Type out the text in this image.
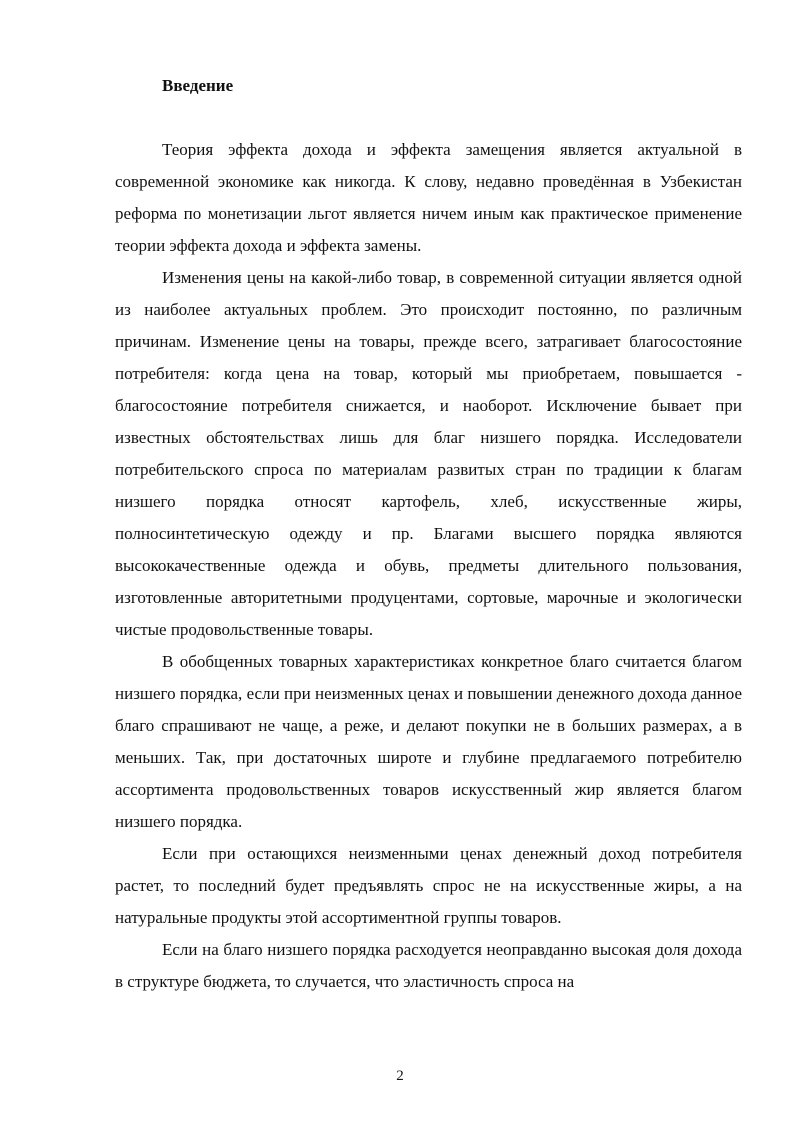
Введение

Теория эффекта дохода и эффекта замещения является актуальной в современной экономике как никогда. К слову, недавно проведённая в Узбекистан реформа по монетизации льгот является ничем иным как практическое применение теории эффекта дохода и эффекта замены.

Изменения цены на какой-либо товар, в современной ситуации является одной из наиболее актуальных проблем. Это происходит постоянно, по различным причинам. Изменение цены на товары, прежде всего, затрагивает благосостояние потребителя: когда цена на товар, который мы приобретаем, повышается - благосостояние потребителя снижается, и наоборот. Исключение бывает при известных обстоятельствах лишь для благ низшего порядка. Исследователи потребительского спроса по материалам развитых стран по традиции к благам низшего порядка относят картофель, хлеб, искусственные жиры, полносинтетическую одежду и пр. Благами высшего порядка являются высококачественные одежда и обувь, предметы длительного пользования, изготовленные авторитетными продуцентами, сортовые, марочные и экологически чистые продовольственные товары.

В обобщенных товарных характеристиках конкретное благо считается благом низшего порядка, если при неизменных ценах и повышении денежного дохода данное благо спрашивают не чаще, а реже, и делают покупки не в больших размерах, а в меньших. Так, при достаточных широте и глубине предлагаемого потребителю ассортимента продовольственных товаров искусственный жир является благом низшего порядка.

Если при остающихся неизменными ценах денежный доход потребителя растет, то последний будет предъявлять спрос не на искусственные жиры, а на натуральные продукты этой ассортиментной группы товаров.

Если на благо низшего порядка расходуется неоправданно высокая доля дохода в структуре бюджета, то случается, что эластичность спроса на

2
